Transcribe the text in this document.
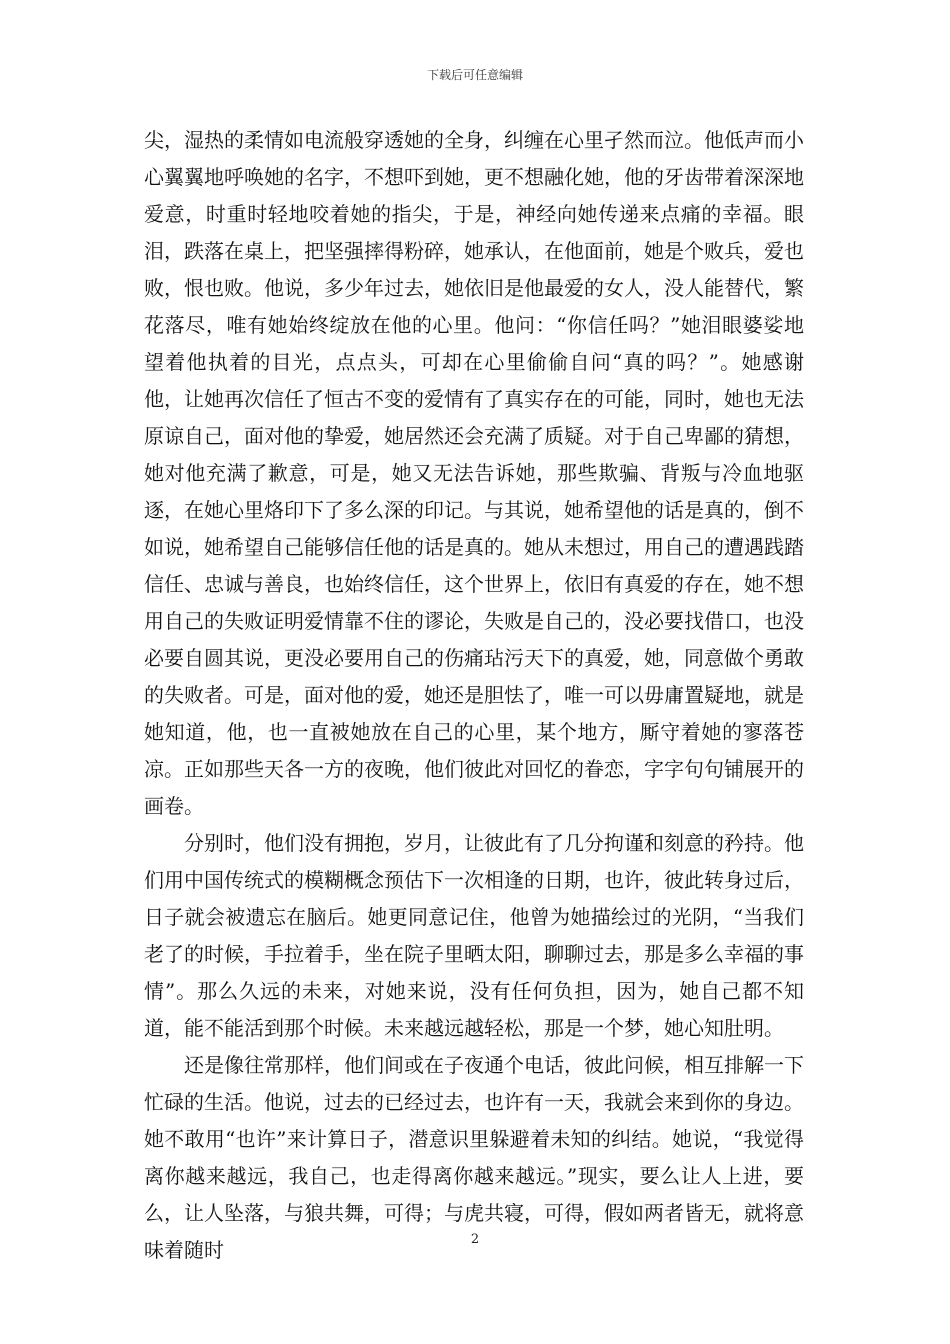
下载后可任意编辑

尖，湿热的柔情如电流般穿透她的全身，纠缠在心里孑然而泣。他低声而小心翼翼地呼唤她的名字，不想吓到她，更不想融化她，他的牙齿带着深深地爱意，时重时轻地咬着她的指尖，于是，神经向她传递来点痛的幸福。眼泪，跌落在桌上，把坚强摔得粉碎，她承认，在他面前，她是个败兵，爱也败，恨也败。他说，多少年过去，她依旧是他最爱的女人，没人能替代，繁花落尽，唯有她始终绽放在他的心里。他问：“你信任吗？”她泪眼婆娑地望着他执着的目光，点点头，可却在心里偷偷自问“真的吗？”。她感谢他，让她再次信任了恒古不变的爱情有了真实存在的可能，同时，她也无法原谅自己，面对他的挚爱，她居然还会充满了质疑。对于自己卑鄙的猜想，她对他充满了歉意，可是，她又无法告诉她，那些欺骗、背叛与冷血地驱逐，在她心里烙印下了多么深的印记。与其说，她希望他的话是真的，倒不如说，她希望自己能够信任他的话是真的。她从未想过，用自己的遭遇践踏信任、忠诚与善良，也始终信任，这个世界上，依旧有真爱的存在，她不想用自己的失败证明爱情靠不住的谬论，失败是自己的，没必要找借口，也没必要自圆其说，更没必要用自己的伤痛玷污天下的真爱，她，同意做个勇敢的失败者。可是，面对他的爱，她还是胆怯了，唯一可以毋庸置疑地，就是她知道，他，也一直被她放在自己的心里，某个地方，厮守着她的寥落苍凉。正如那些天各一方的夜晚，他们彼此对回忆的眷恋，字字句句铺展开的画卷。

分别时，他们没有拥抱，岁月，让彼此有了几分拘谨和刻意的矜持。他们用中国传统式的模糊概念预估下一次相逢的日期，也许，彼此转身过后，日子就会被遗忘在脑后。她更同意记住，他曾为她描绘过的光阴，“当我们老了的时候，手拉着手，坐在院子里晒太阳，聊聊过去，那是多么幸福的事情”。那么久远的未来，对她来说，没有任何负担，因为，她自己都不知道，能不能活到那个时候。未来越远越轻松，那是一个梦，她心知肚明。

还是像往常那样，他们间或在子夜通个电话，彼此问候，相互排解一下忙碌的生活。他说，过去的已经过去，也许有一天，我就会来到你的身边。她不敢用“也许”来计算日子，潜意识里躲避着未知的纠结。她说，“我觉得离你越来越远，我自己，也走得离你越来越远。”现实，要么让人上进，要么，让人坠落，与狼共舞，可得；与虎共寝，可得，假如两者皆无，就将意味着随时	2
